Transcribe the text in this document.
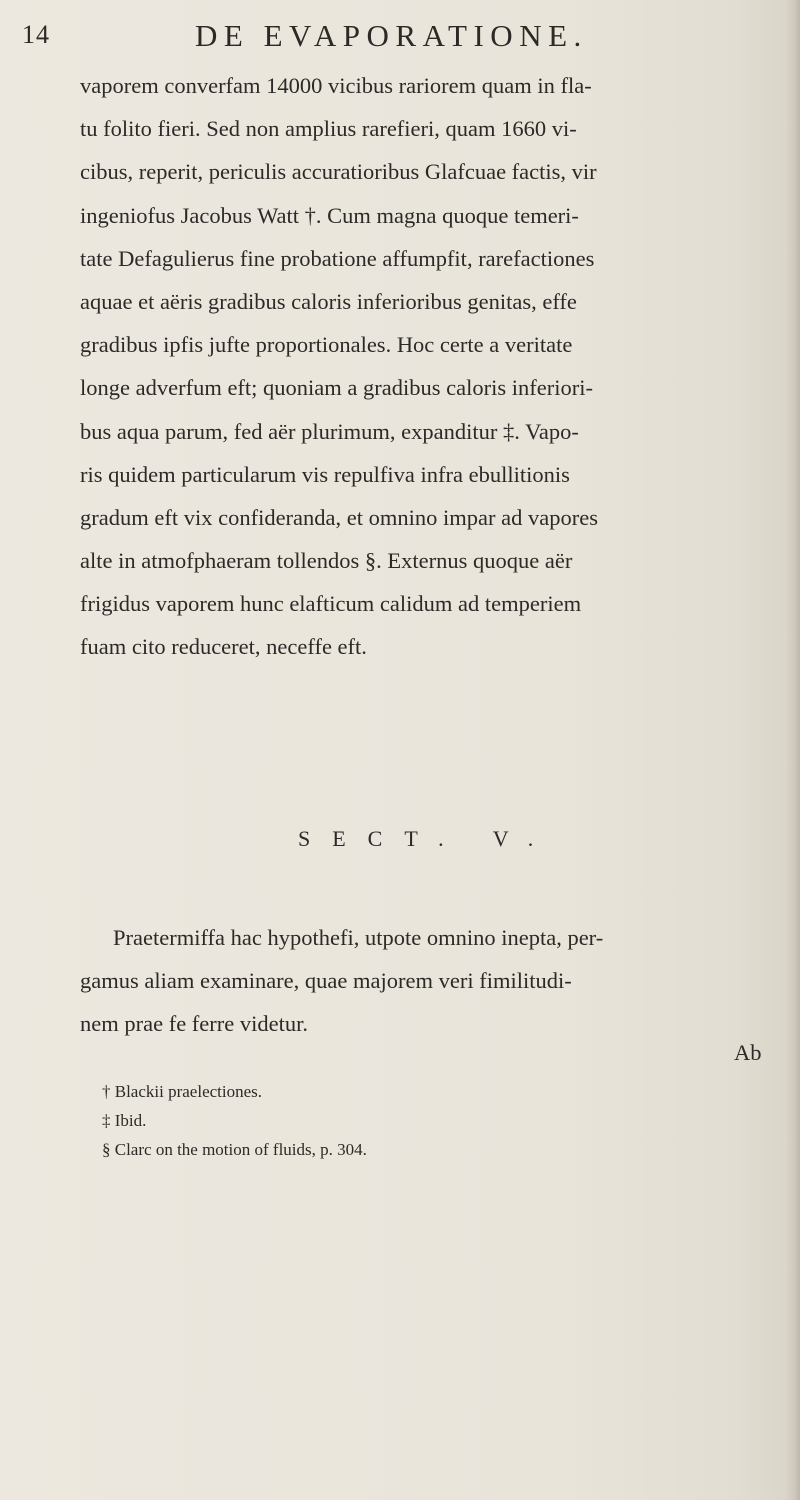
14	DE EVAPORATIONE.
vaporem converfam 14000 vicibus rariorem quam in fla-
tu folito fieri. Sed non amplius rarefieri, quam 1660 vi-
cibus, reperit, periculis accuratioribus Glafcuae factis, vir
ingeniofus Jacobus Watt †. Cum magna quoque temeri-
tate Defagulierus fine probatione affumpfit, rarefactiones
aquae et aëris gradibus caloris inferioribus genitas, effe
gradibus ipfis jufte proportionales. Hoc certe a veritate
longe adverfum eft; quoniam a gradibus caloris inferiori-
bus aqua parum, fed aër plurimum, expanditur ‡. Vapo-
ris quidem particularum vis repulfiva infra ebullitionis
gradum eft vix confideranda, et omnino impar ad vapores
alte in atmofphaeram tollendos §. Externus quoque aër
frigidus vaporem hunc elafticum calidum ad temperiem
fuam cito reduceret, neceffe eft.
SECT. V.
Praetermiffa hac hypothefi, utpote omnino inepta, per-
gamus aliam examinare, quae majorem veri fimilitudi-
nem prae fe ferre videtur.
Ab
† Blackii praelectiones.
‡ Ibid.
§ Clarc on the motion of fluids, p. 304.
